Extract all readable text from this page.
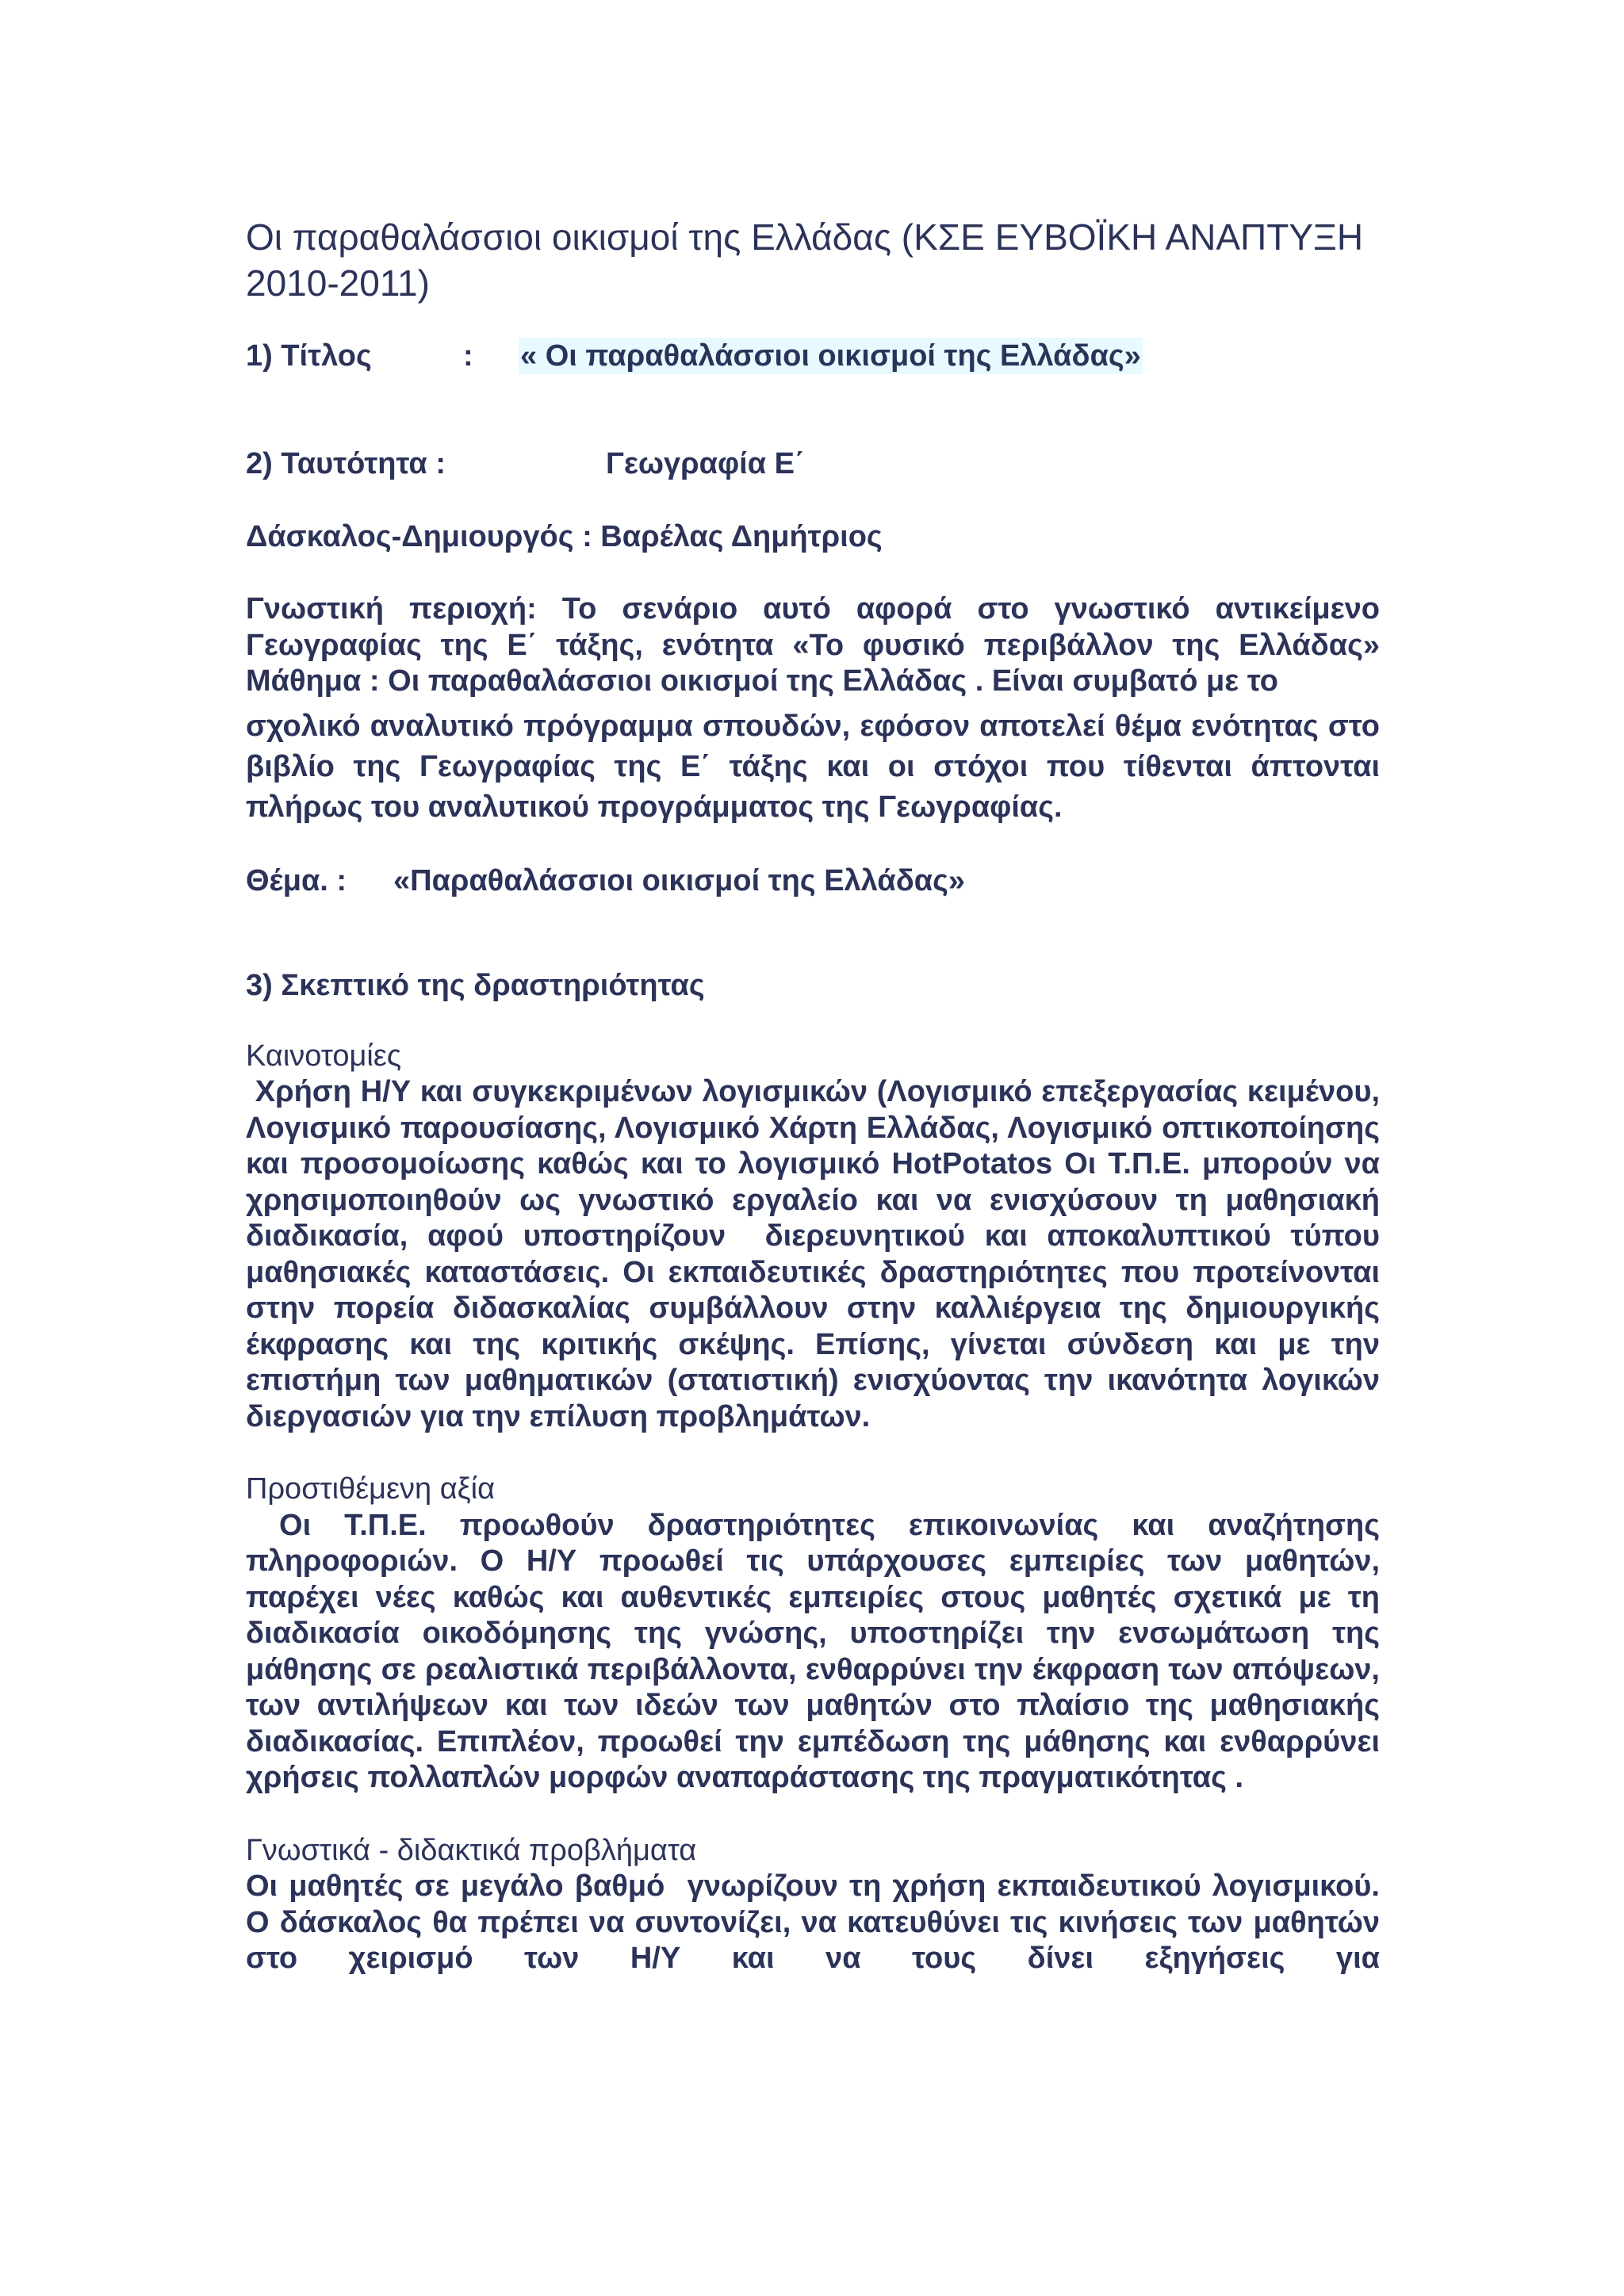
Οι παραθαλάσσιοι οικισμοί της Ελλάδας (ΚΣΕ ΕΥΒΟΪΚΗ ΑΝΑΠΤΥΞΗ 2010-2011)
1) Τίτλος	: « Οι παραθαλάσσιοι οικισμοί της Ελλάδας»
2) Ταυτότητα :	Γεωγραφία Ε΄
Δάσκαλος-Δημιουργός : Βαρέλας Δημήτριος
Γνωστική περιοχή: Το σενάριο αυτό αφορά στο γνωστικό αντικείμενο Γεωγραφίας της Ε΄ τάξης, ενότητα «Το φυσικό περιβάλλον της Ελλάδας» Μάθημα : Οι παραθαλάσσιοι οικισμοί της Ελλάδας . Είναι συμβατό με το
σχολικό αναλυτικό πρόγραμμα σπουδών, εφόσον αποτελεί θέμα ενότητας στο βιβλίο της Γεωγραφίας της Ε΄ τάξης και οι στόχοι που τίθενται άπτονται πλήρως του αναλυτικού προγράμματος της Γεωγραφίας.
Θέμα. : «Παραθαλάσσιοι οικισμοί της Ελλάδας»
3) Σκεπτικό της δραστηριότητας
Καινοτομίες
Χρήση Η/Υ και συγκεκριμένων λογισμικών (Λογισμικό επεξεργασίας κειμένου, Λογισμικό παρουσίασης, Λογισμικό Χάρτη Ελλάδας, Λογισμικό οπτικοποίησης και προσομοίωσης καθώς και το λογισμικό HotPotatos Οι Τ.Π.Ε. μπορούν να χρησιμοποιηθούν ως γνωστικό εργαλείο και να ενισχύσουν τη μαθησιακή διαδικασία, αφού υποστηρίζουν  διερευνητικού και αποκαλυπτικού τύπου μαθησιακές καταστάσεις. Οι εκπαιδευτικές δραστηριότητες που προτείνονται στην πορεία διδασκαλίας συμβάλλουν στην καλλιέργεια της δημιουργικής έκφρασης και της κριτικής σκέψης. Επίσης, γίνεται σύνδεση και με την επιστήμη των μαθηματικών (στατιστική) ενισχύοντας την ικανότητα λογικών διεργασιών για την επίλυση προβλημάτων.
Προστιθέμενη αξία
Οι Τ.Π.Ε. προωθούν δραστηριότητες επικοινωνίας και αναζήτησης πληροφοριών. Ο Η/Υ προωθεί τις υπάρχουσες εμπειρίες των μαθητών, παρέχει νέες καθώς και αυθεντικές εμπειρίες στους μαθητές σχετικά με τη διαδικασία οικοδόμησης της γνώσης, υποστηρίζει την ενσωμάτωση της μάθησης σε ρεαλιστικά περιβάλλοντα, ενθαρρύνει την έκφραση των απόψεων, των αντιλήψεων και των ιδεών των μαθητών στο πλαίσιο της μαθησιακής διαδικασίας. Επιπλέον, προωθεί την εμπέδωση της μάθησης και ενθαρρύνει χρήσεις πολλαπλών μορφών αναπαράστασης της πραγματικότητας .
Γνωστικά - διδακτικά προβλήματα
Οι μαθητές σε μεγάλο βαθμό  γνωρίζουν τη χρήση εκπαιδευτικού λογισμικού. Ο δάσκαλος θα πρέπει να συντονίζει, να κατευθύνει τις κινήσεις των μαθητών στο χειρισμό των Η/Υ και να τους δίνει εξηγήσεις για
